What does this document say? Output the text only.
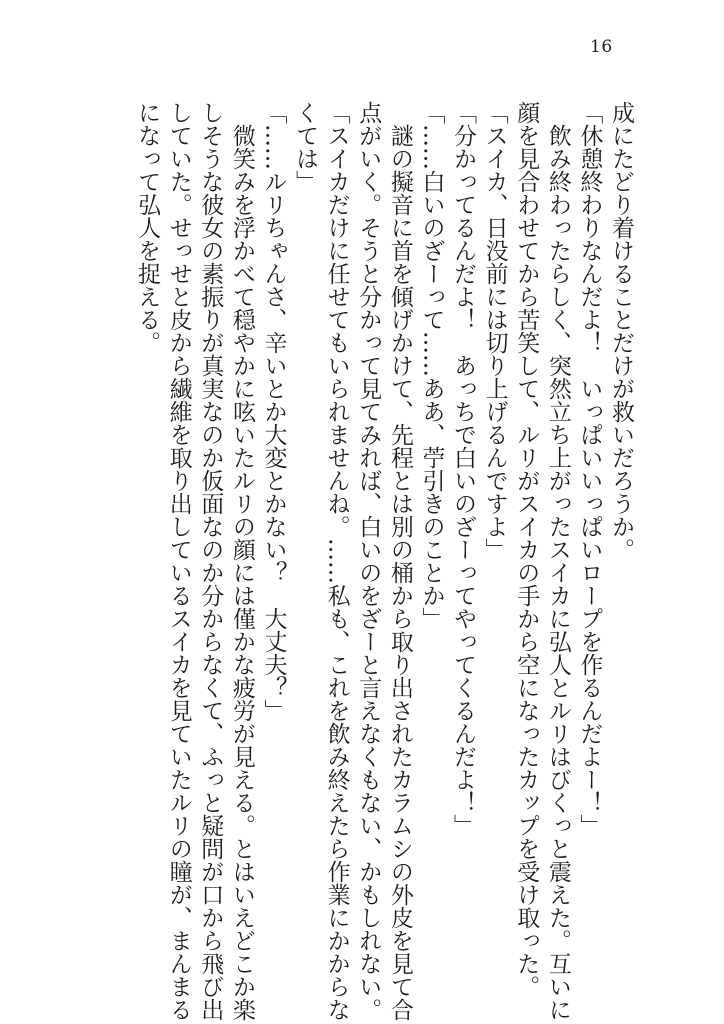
16

成にたどり着けることだけが救いだろうか。

「休憩終わりなんだよ！　いっぱいいっぱいロープを作るんだよー！」

　飲み終わったらしく、突然立ち上がったスイカに弘人とルリはびくっと震えた。互いに顔を見合わせてから苦笑して、ルリがスイカの手から空になったカップを受け取った。

「スイカ、日没前には切り上げるんですよ」

「分かってるんだよ！　あっちで白いのざーってやってくるんだよ！」

「……白いのざーって……ああ、苧引きのことか」

　謎の擬音に首を傾げかけて、先程とは別の桶から取り出されたカラムシの外皮を見て合点がいく。そうと分かって見てみれば、白いのをざーと言えなくもない、かもしれない。

「スイカだけに任せてもいられませんね。……私も、これを飲み終えたら作業にかからなくては」

「……ルリちゃんさ、辛いとか大変とかない？　大丈夫？」

　微笑みを浮かべて穏やかに呟いたルリの顔には僅かな疲労が見える。とはいえどこか楽しそうな彼女の素振りが真実なのか仮面なのか分からなくて、ふっと疑問が口から飛び出していた。せっせと皮から繊維を取り出しているスイカを見ていたルリの瞳が、まんまるになって弘人を捉える。
